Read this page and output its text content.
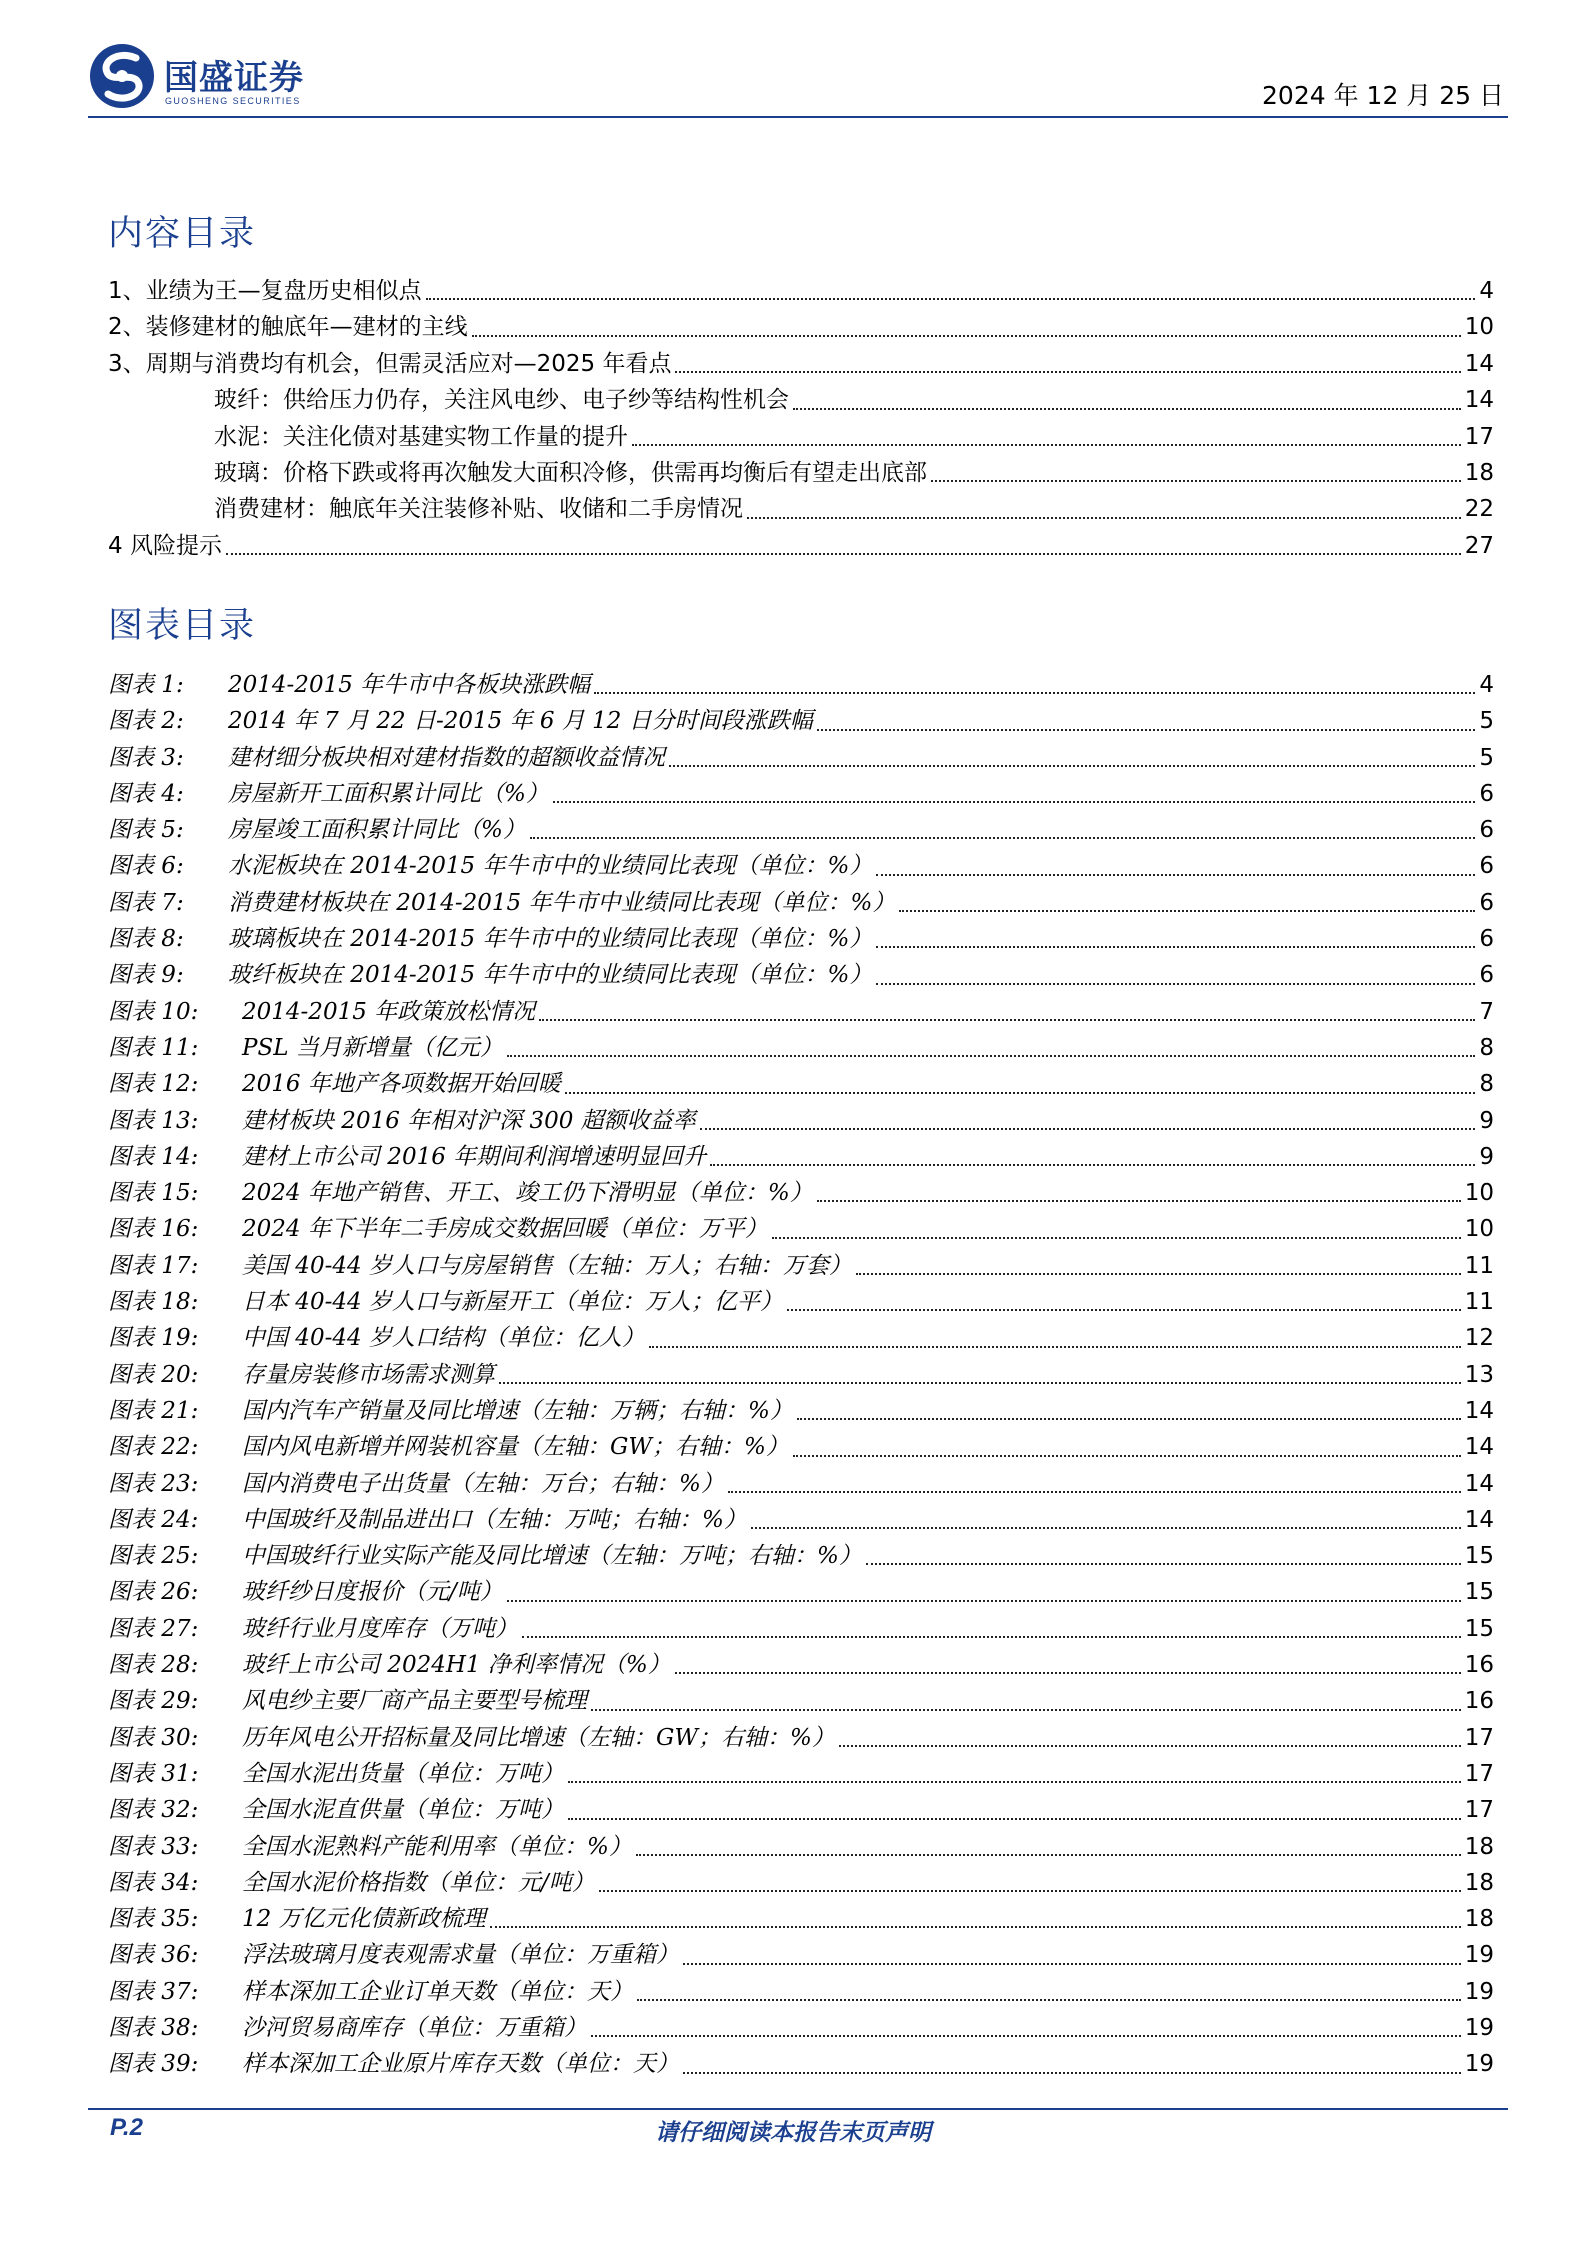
国盛证券
GUOSHENG SECURITIES	2024 年 12 月 25 日
内容目录
1、业绩为王—复盘历史相似点	4
2、装修建材的触底年—建材的主线	10
3、周期与消费均有机会，但需灵活应对—2025 年看点	14
玻纤：供给压力仍存，关注风电纱、电子纱等结构性机会	14
水泥：关注化债对基建实物工作量的提升	17
玻璃：价格下跌或将再次触发大面积冷修，供需再均衡后有望走出底部	18
消费建材：触底年关注装修补贴、收储和二手房情况	22
4 风险提示	27
图表目录
图表 1:	2014-2015 年牛市中各板块涨跌幅	4
图表 2:	2014 年 7 月 22 日-2015 年 6 月 12 日分时间段涨跌幅	5
图表 3:	建材细分板块相对建材指数的超额收益情况	5
图表 4:	房屋新开工面积累计同比（%）	6
图表 5:	房屋竣工面积累计同比（%）	6
图表 6:	水泥板块在 2014-2015 年牛市中的业绩同比表现（单位：%）	6
图表 7:	消费建材板块在 2014-2015 年牛市中业绩同比表现（单位：%）	6
图表 8:	玻璃板块在 2014-2015 年牛市中的业绩同比表现（单位：%）	6
图表 9:	玻纤板块在 2014-2015 年牛市中的业绩同比表现（单位：%）	6
图表 10:	2014-2015 年政策放松情况	7
图表 11:	PSL 当月新增量（亿元）	8
图表 12:	2016 年地产各项数据开始回暖	8
图表 13:	建材板块 2016 年相对沪深 300 超额收益率	9
图表 14:	建材上市公司 2016 年期间利润增速明显回升	9
图表 15:	2024 年地产销售、开工、竣工仍下滑明显（单位：%）	10
图表 16:	2024 年下半年二手房成交数据回暖（单位：万平）	10
图表 17:	美国 40-44 岁人口与房屋销售（左轴：万人；右轴：万套）	11
图表 18:	日本 40-44 岁人口与新屋开工（单位：万人；亿平）	11
图表 19:	中国 40-44 岁人口结构（单位：亿人）	12
图表 20:	存量房装修市场需求测算	13
图表 21:	国内汽车产销量及同比增速（左轴：万辆；右轴：%）	14
图表 22:	国内风电新增并网装机容量（左轴：GW；右轴：%）	14
图表 23:	国内消费电子出货量（左轴：万台；右轴：%）	14
图表 24:	中国玻纤及制品进出口（左轴：万吨；右轴：%）	14
图表 25:	中国玻纤行业实际产能及同比增速（左轴：万吨；右轴：%）	15
图表 26:	玻纤纱日度报价（元/吨）	15
图表 27:	玻纤行业月度库存（万吨）	15
图表 28:	玻纤上市公司 2024H1 净利率情况（%）	16
图表 29:	风电纱主要厂商产品主要型号梳理	16
图表 30:	历年风电公开招标量及同比增速（左轴：GW；右轴：%）	17
图表 31:	全国水泥出货量（单位：万吨）	17
图表 32:	全国水泥直供量（单位：万吨）	17
图表 33:	全国水泥熟料产能利用率（单位：%）	18
图表 34:	全国水泥价格指数（单位：元/吨）	18
图表 35:	12 万亿元化债新政梳理	18
图表 36:	浮法玻璃月度表观需求量（单位：万重箱）	19
图表 37:	样本深加工企业订单天数（单位：天）	19
图表 38:	沙河贸易商库存（单位：万重箱）	19
图表 39:	样本深加工企业原片库存天数（单位：天）	19
P.2	请仔细阅读本报告末页声明
